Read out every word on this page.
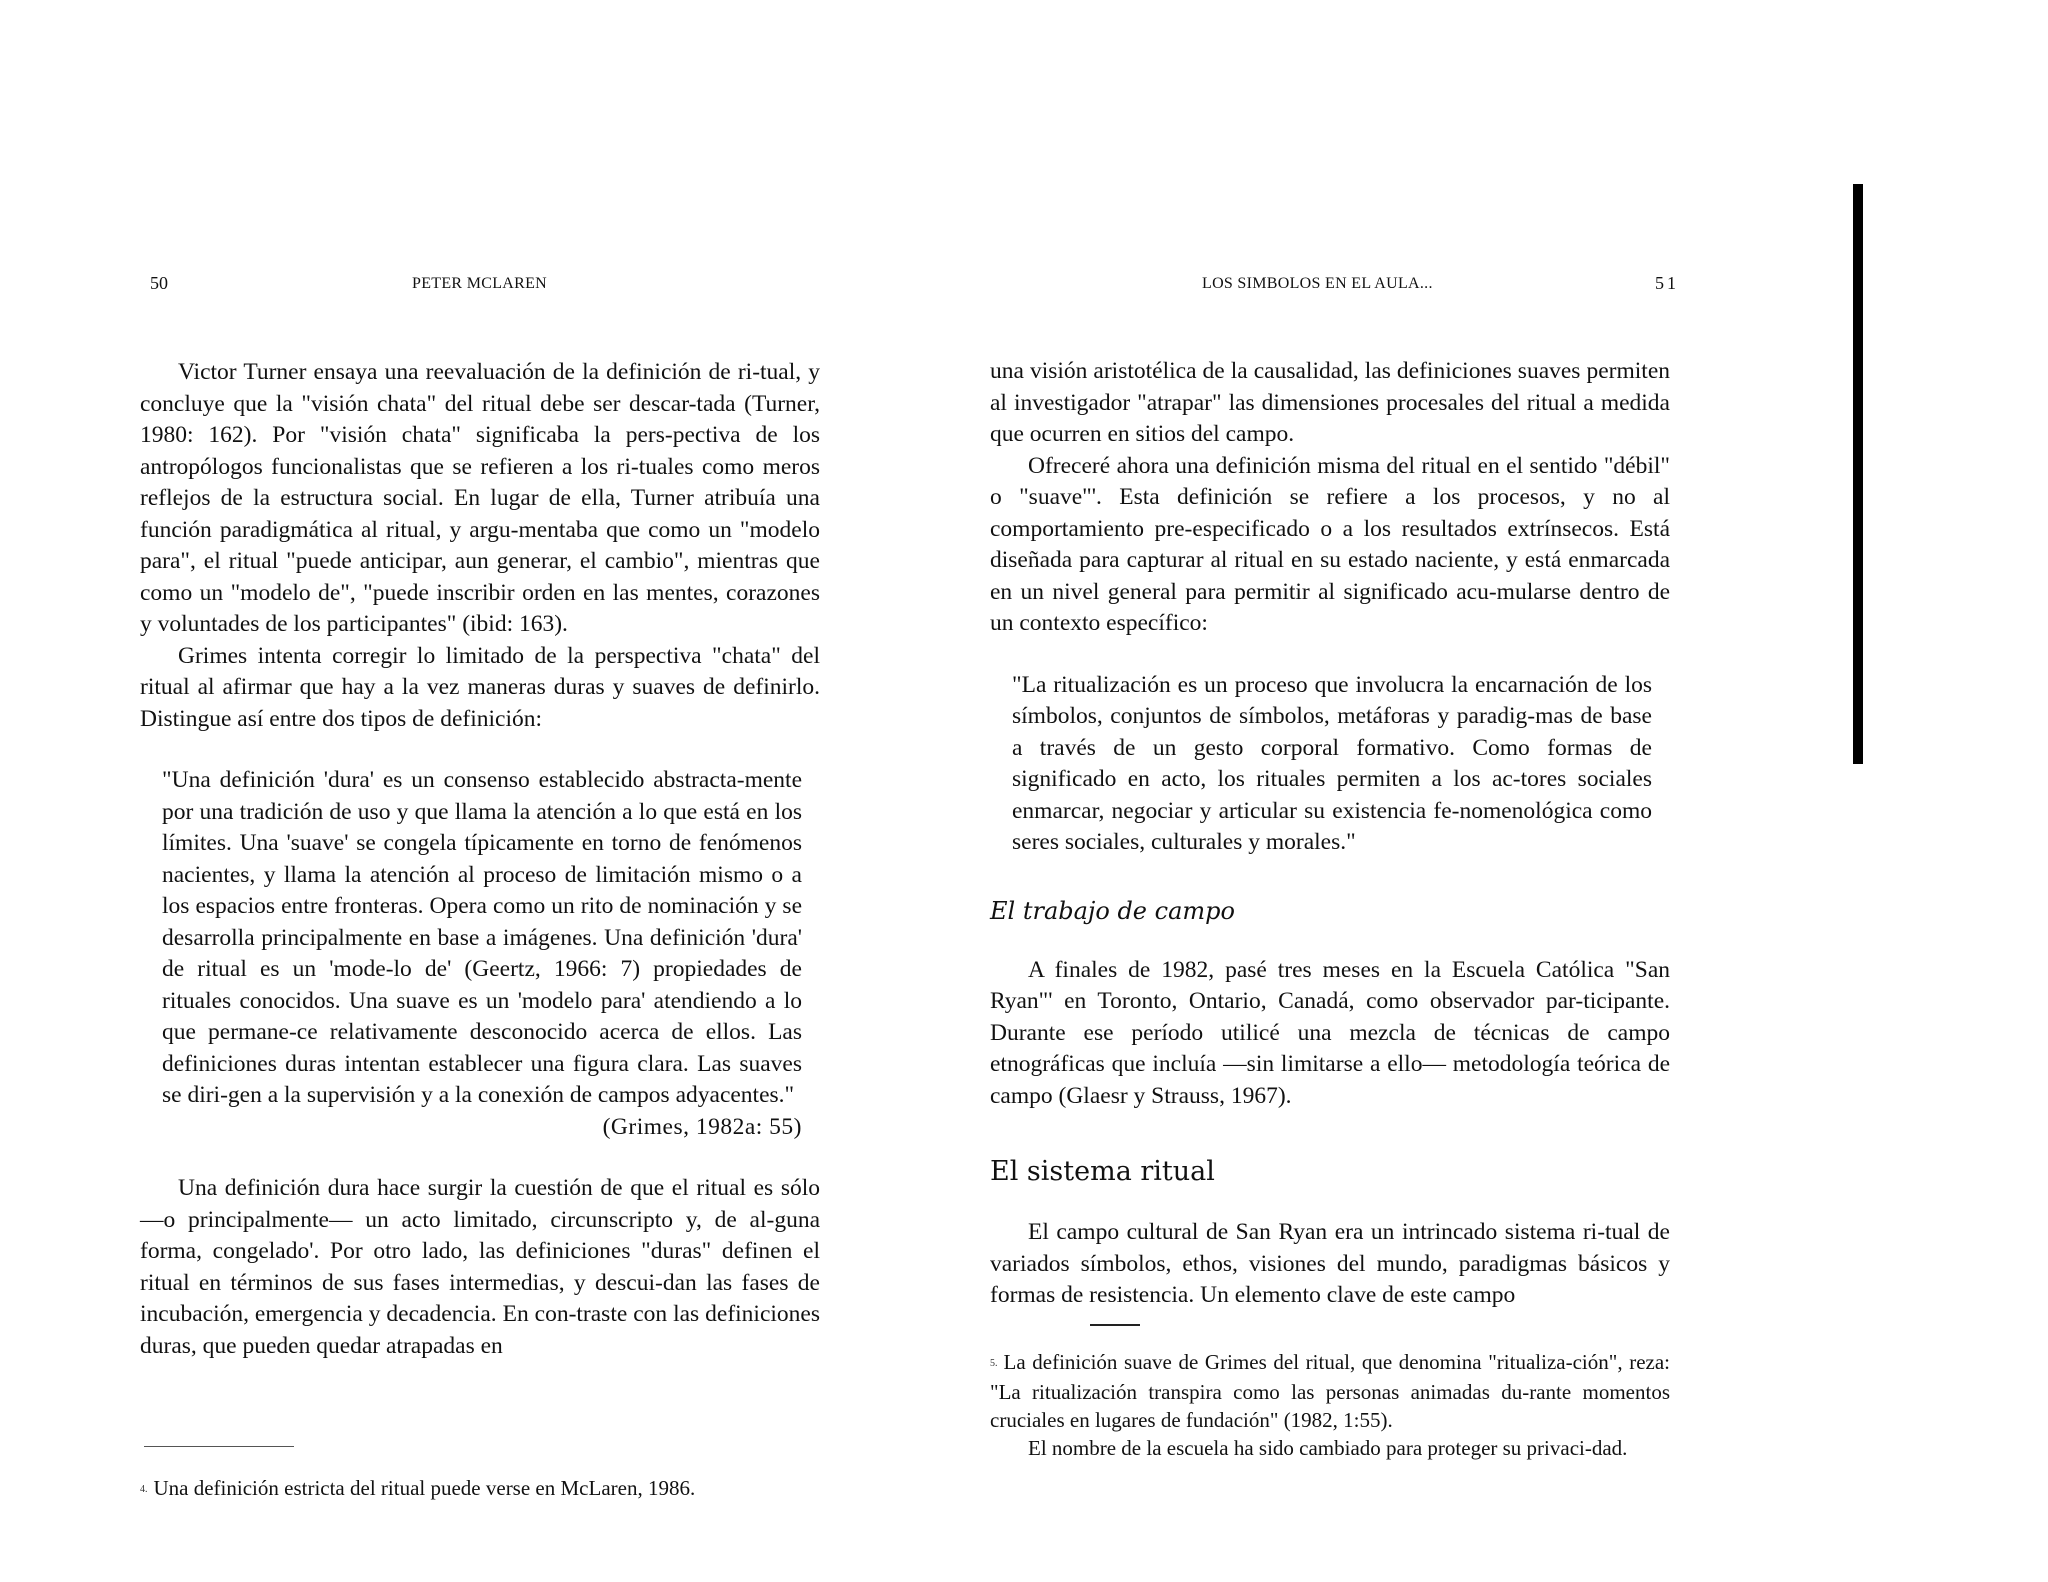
50	PETER MCLAREN

Victor Turner ensaya una reevaluación de la definición de ri-tual, y concluye que la "visión chata" del ritual debe ser descar-tada (Turner, 1980: 162). Por "visión chata" significaba la pers-pectiva de los antropólogos funcionalistas que se refieren a los ri-tuales como meros reflejos de la estructura social. En lugar de ella, Turner atribuía una función paradigmática al ritual, y argu-mentaba que como un "modelo para", el ritual "puede anticipar, aun generar, el cambio", mientras que como un "modelo de", "puede inscribir orden en las mentes, corazones y voluntades de los participantes" (ibid: 163).

Grimes intenta corregir lo limitado de la perspectiva "chata" del ritual al afirmar que hay a la vez maneras duras y suaves de definirlo. Distingue así entre dos tipos de definición:

"Una definición 'dura' es un consenso establecido abstracta-mente por una tradición de uso y que llama la atención a lo que está en los límites. Una 'suave' se congela típicamente en torno de fenómenos nacientes, y llama la atención al proceso de limitación mismo o a los espacios entre fronteras. Opera como un rito de nominación y se desarrolla principalmente en base a imágenes. Una definición 'dura' de ritual es un 'mode-lo de' (Geertz, 1966: 7) propiedades de rituales conocidos. Una suave es un 'modelo para' atendiendo a lo que permane-ce relativamente desconocido acerca de ellos. Las definiciones duras intentan establecer una figura clara. Las suaves se diri-gen a la supervisión y a la conexión de campos adyacentes."

(Grimes, 1982a: 55)

Una definición dura hace surgir la cuestión de que el ritual es sólo —o principalmente— un acto limitado, circunscripto y, de al-guna forma, congelado'. Por otro lado, las definiciones "duras" definen el ritual en términos de sus fases intermedias, y descui-dan las fases de incubación, emergencia y decadencia. En con-traste con las definiciones duras, que pueden quedar atrapadas en

4. Una definición estricta del ritual puede verse en McLaren, 1986.

LOS SIMBOLOS EN EL AULA...	51

una visión aristotélica de la causalidad, las definiciones suaves permiten al investigador "atrapar" las dimensiones procesales del ritual a medida que ocurren en sitios del campo.

Ofreceré ahora una definición misma del ritual en el sentido "débil" o "suave"'. Esta definición se refiere a los procesos, y no al comportamiento pre-especificado o a los resultados extrínsecos. Está diseñada para capturar al ritual en su estado naciente, y está enmarcada en un nivel general para permitir al significado acu-mularse dentro de un contexto específico:

"La ritualización es un proceso que involucra la encarnación de los símbolos, conjuntos de símbolos, metáforas y paradig-mas de base a través de un gesto corporal formativo. Como formas de significado en acto, los rituales permiten a los ac-tores sociales enmarcar, negociar y articular su existencia fe-nomenológica como seres sociales, culturales y morales."

El trabajo de campo

A finales de 1982, pasé tres meses en la Escuela Católica "San Ryan"' en Toronto, Ontario, Canadá, como observador par-ticipante. Durante ese período utilicé una mezcla de técnicas de campo etnográficas que incluía —sin limitarse a ello— metodología teórica de campo (Glaesr y Strauss, 1967).

El sistema ritual

El campo cultural de San Ryan era un intrincado sistema ri-tual de variados símbolos, ethos, visiones del mundo, paradigmas básicos y formas de resistencia. Un elemento clave de este campo

5. La definición suave de Grimes del ritual, que denomina "ritualiza-ción", reza: "La ritualización transpira como las personas animadas du-rante momentos cruciales en lugares de fundación" (1982, 1:55).

El nombre de la escuela ha sido cambiado para proteger su privaci-dad.
